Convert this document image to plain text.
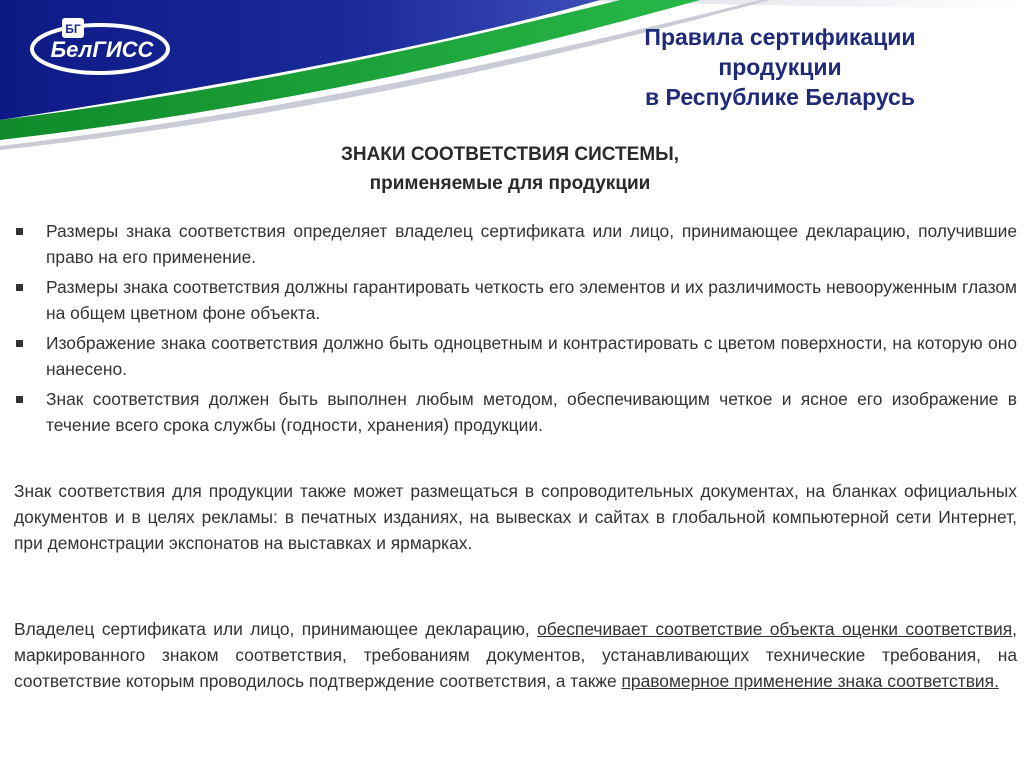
БГ
БелГИСС	Правила сертификации
продукции
в Республике Беларусь
ЗНАКИ СООТВЕТСТВИЯ СИСТЕМЫ,
применяемые для продукции
Размеры знака соответствия определяет владелец сертификата или лицо, принимающее декларацию, получившие право на его применение.
Размеры знака соответствия должны гарантировать четкость его элементов и их различимость невооруженным глазом на общем цветном фоне объекта.
Изображение знака соответствия должно быть одноцветным и контрастировать с цветом поверхности, на которую оно нанесено.
Знак соответствия должен быть выполнен любым методом, обеспечивающим четкое и ясное его изображение в течение всего срока службы (годности, хранения) продукции.

Знак соответствия для продукции также может размещаться в сопроводительных документах, на бланках официальных документов и в целях рекламы: в печатных изданиях, на вывесках и сайтах в глобальной компьютерной сети Интернет, при демонстрации экспонатов на выставках и ярмарках.

Владелец сертификата или лицо, принимающее декларацию, обеспечивает соответствие объекта оценки соответствия, маркированного знаком соответствия, требованиям документов, устанавливающих технические требования, на соответствие которым проводилось подтверждение соответствия, а также правомерное применение знака соответствия.
